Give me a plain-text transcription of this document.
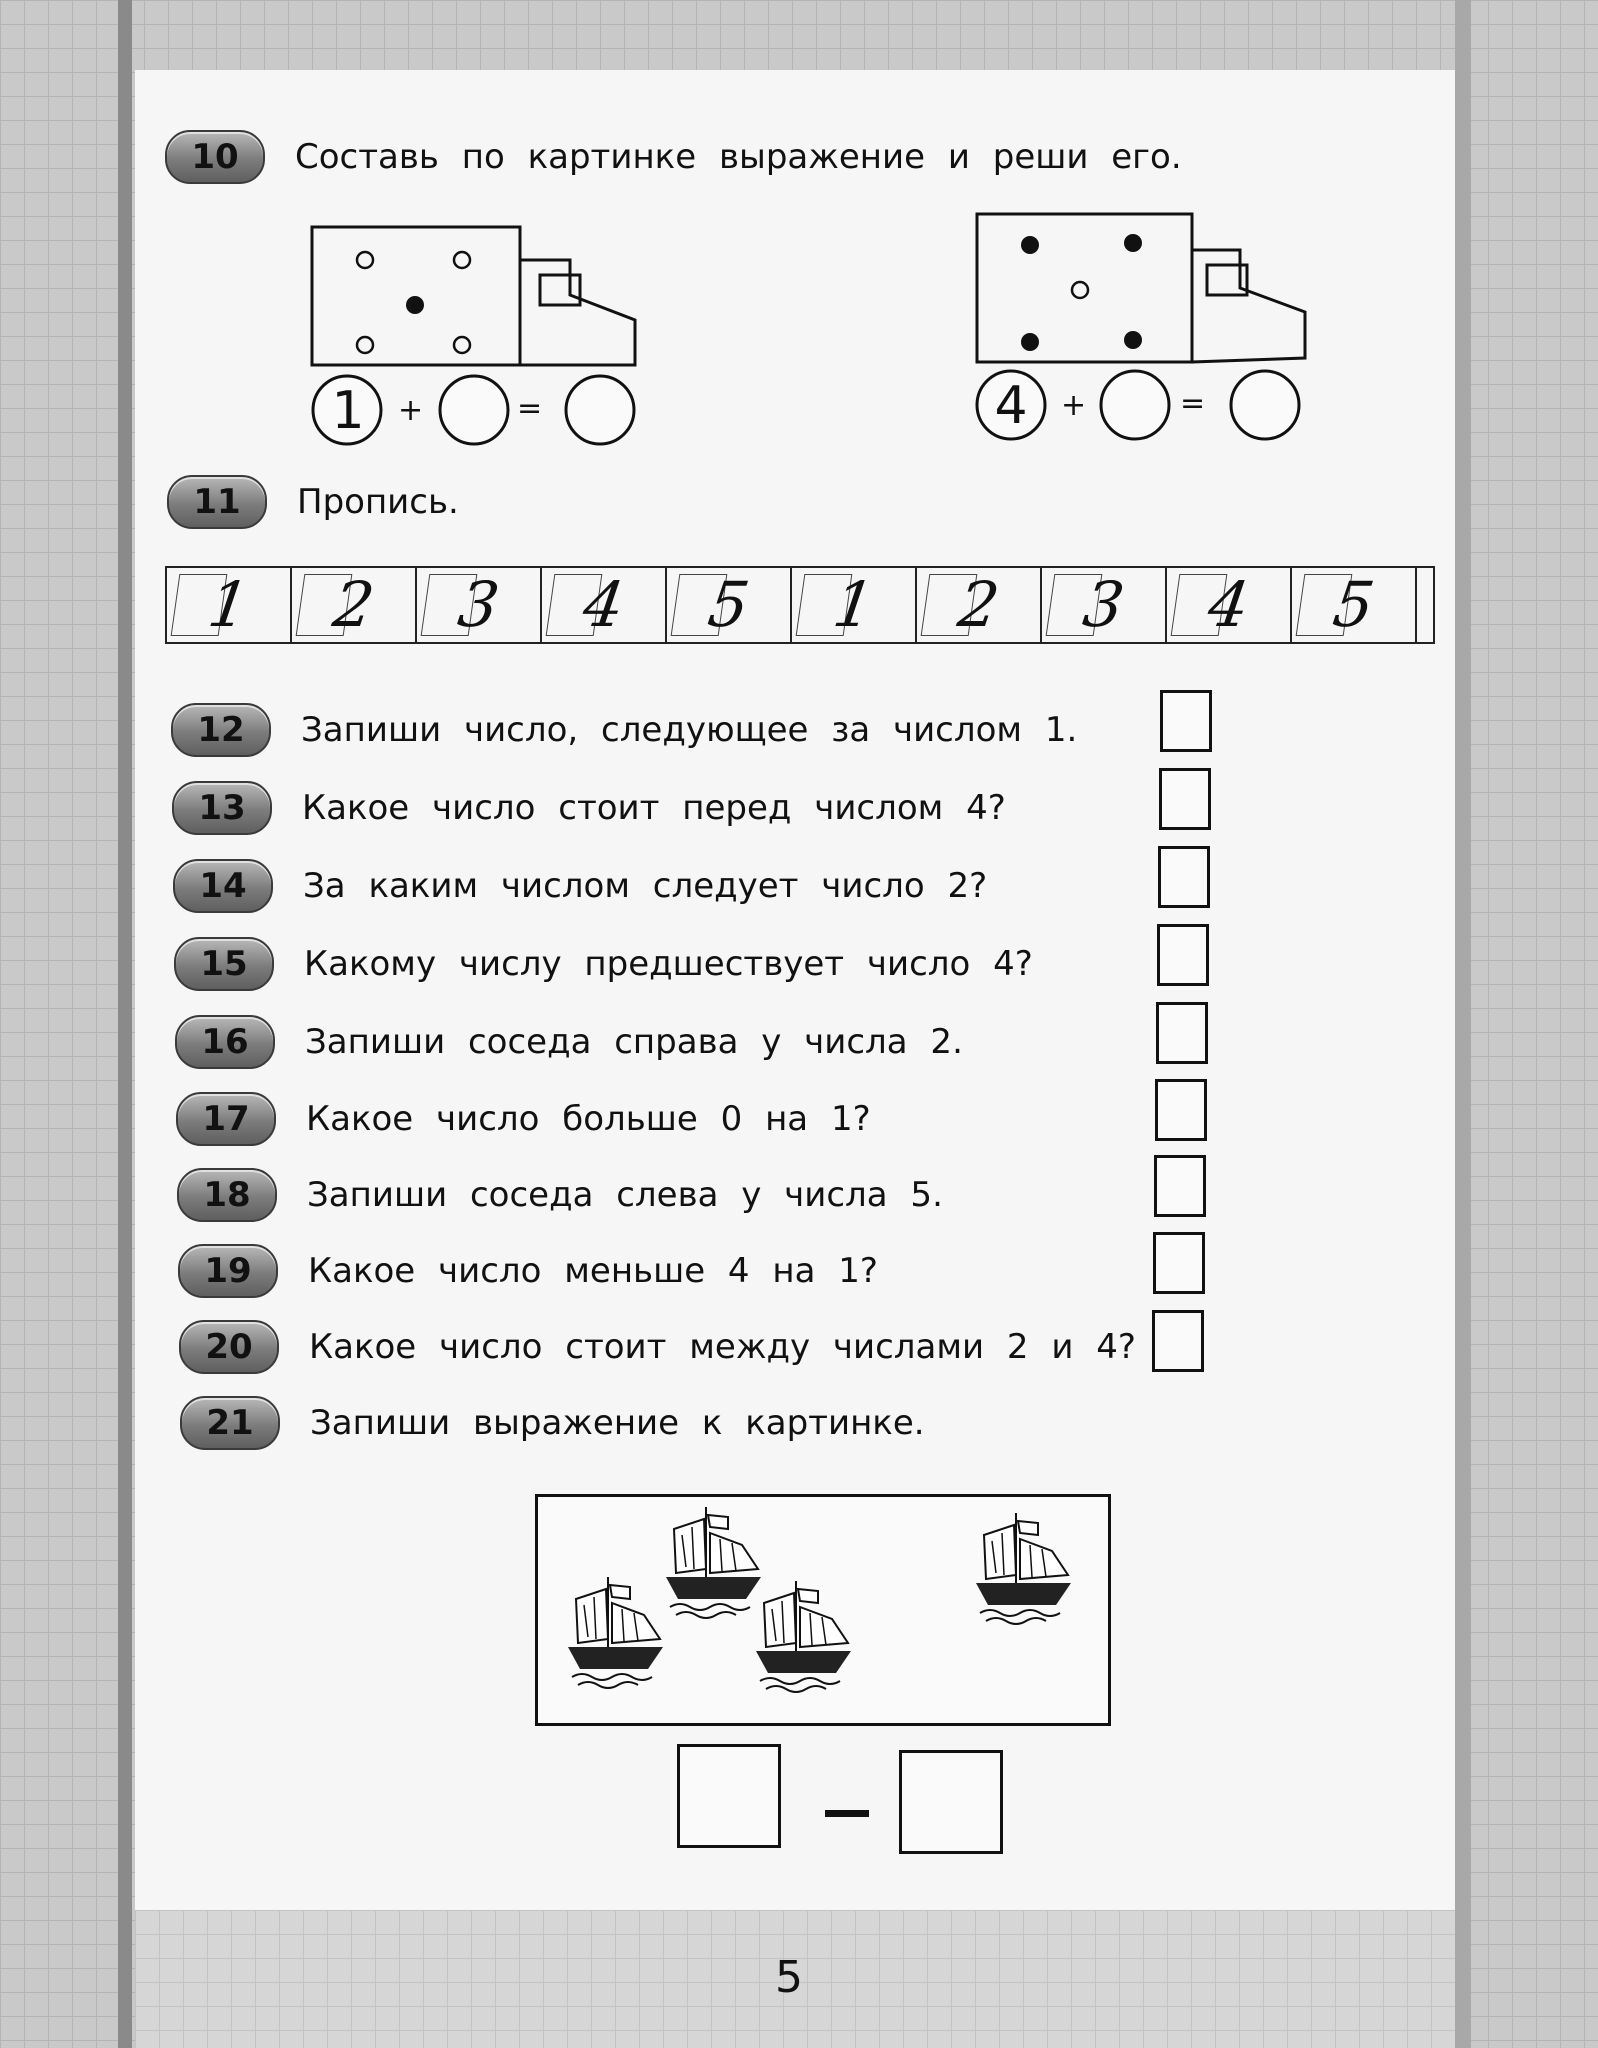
10	Составь по картинке выражение и реши его.
1	+	=	4	+	=
11	Пропись.
1 2 3 4 5 1 2 3 4 5
12	Запиши число, следующее за числом 1.
13	Какое число стоит перед числом 4?
14	За каким числом следует число 2?
15	Какому числу предшествует число 4?
16	Запиши соседа справа у числа 2.
17	Какое число больше 0 на 1?
18	Запиши соседа слева у числа 5.
19	Какое число меньше 4 на 1?
20	Какое число стоит между числами 2 и 4?
21	Запиши выражение к картинке.
5
